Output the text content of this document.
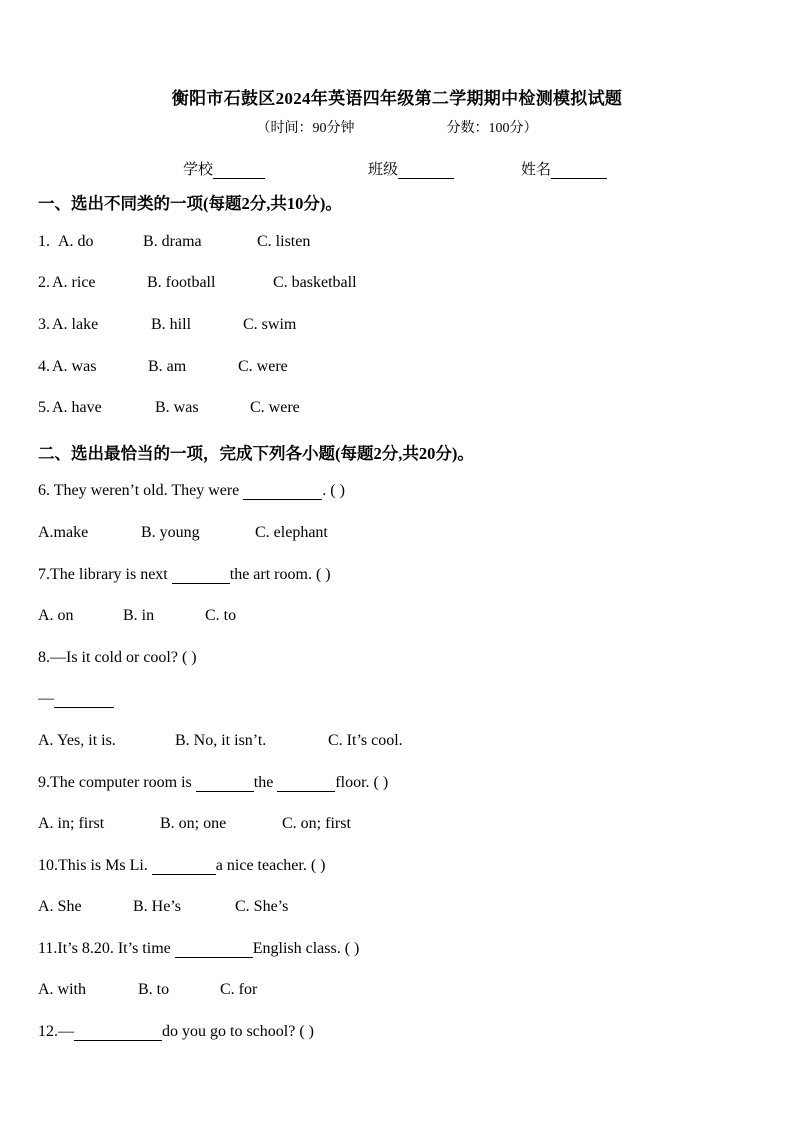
衡阳市石鼓区2024年英语四年级第二学期期中检测模拟试题
（时间：90分钟	分数：100分）
学校	班级	姓名
一、选出不同类的一项(每题2分,共10分)。
1. A. do	B. drama	C. listen
2. A. rice	B. football	C. basketball
3. A. lake	B. hill	C. swim
4. A. was	B. am	C. were
5. A. have	B. was	C. were
二、选出最恰当的一项，完成下列各小题(每题2分,共20分)。
6. They weren’t old. They were	. ( )
A.make	B. young	C. elephant
7.The library is next	the art room. ( )
A. on	B. in	C. to
8.—Is it cold or cool? ( )
—
A. Yes, it is.	B. No, it isn’t.	C. It’s cool.
9.The computer room is	the	floor. ( )
A. in; first	B. on; one	C. on; first
10.This is Ms Li.	a nice teacher. ( )
A. She	B. He’s	C. She’s
11.It’s 8.20. It’s time	English class. ( )
A. with	B. to	C. for
12.—	do you go to school? ( )
